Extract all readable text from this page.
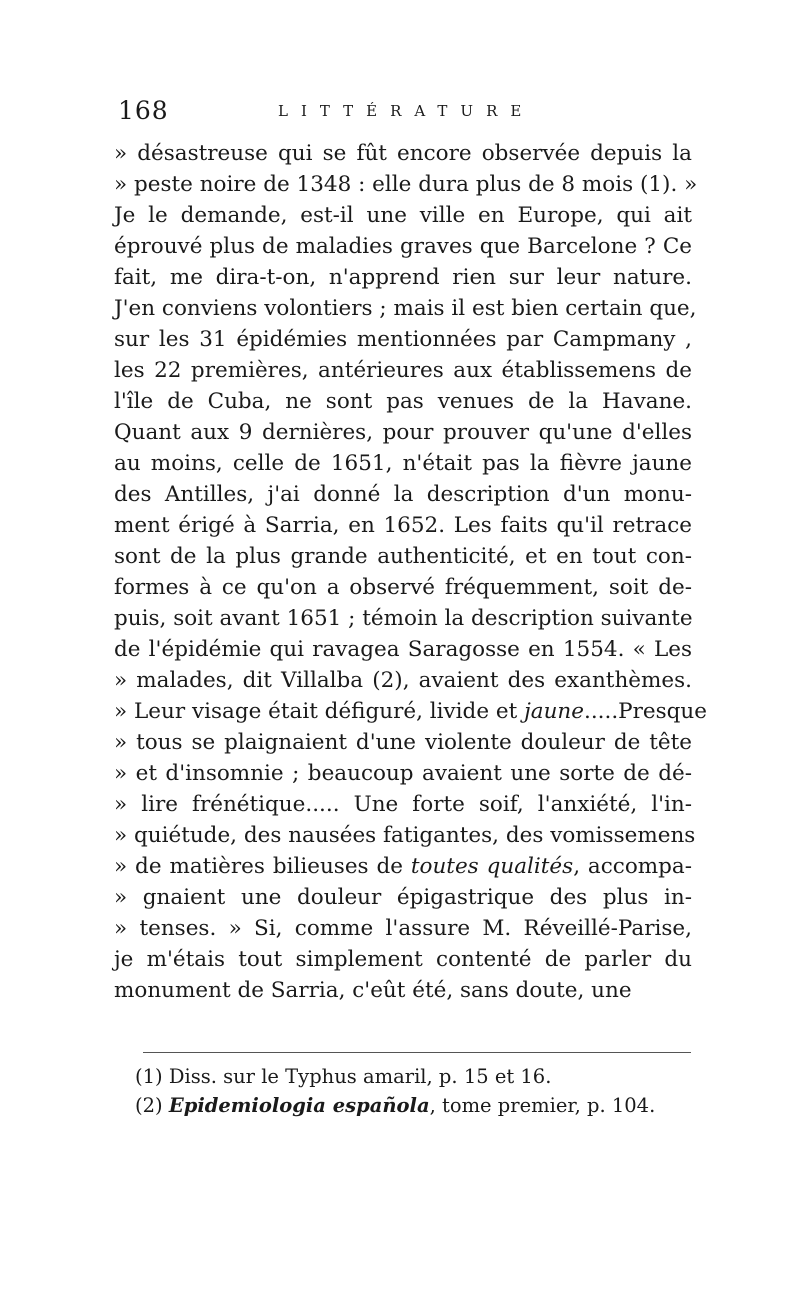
168	LITTÉRATURE
» désastreuse qui se fût encore observée depuis la
» peste noire de 1348 : elle dura plus de 8 mois (1). »
Je le demande, est-il une ville en Europe, qui ait
éprouvé plus de maladies graves que Barcelone ? Ce
fait, me dira-t-on, n'apprend rien sur leur nature.
J'en conviens volontiers ; mais il est bien certain que,
sur les 31 épidémies mentionnées par Campmany ,
les 22 premières, antérieures aux établissemens de
l'île de Cuba, ne sont pas venues de la Havane.
Quant aux 9 dernières, pour prouver qu'une d'elles
au moins, celle de 1651, n'était pas la fièvre jaune
des Antilles, j'ai donné la description d'un monu-
ment érigé à Sarria, en 1652. Les faits qu'il retrace
sont de la plus grande authenticité, et en tout con-
formes à ce qu'on a observé fréquemment, soit de-
puis, soit avant 1651 ; témoin la description suivante
de l'épidémie qui ravagea Saragosse en 1554. « Les
» malades, dit Villalba (2), avaient des exanthèmes.
» Leur visage était défiguré, livide et jaune.....Presque
» tous se plaignaient d'une violente douleur de tête
» et d'insomnie ; beaucoup avaient une sorte de dé-
» lire frénétique..... Une forte soif, l'anxiété, l'in-
» quiétude, des nausées fatigantes, des vomissemens
» de matières bilieuses de toutes qualités, accompa-
» gnaient une douleur épigastrique des plus in-
» tenses. » Si, comme l'assure M. Réveillé-Parise,
je m'étais tout simplement contenté de parler du
monument de Sarria, c'eût été, sans doute, une
(1) Diss. sur le Typhus amaril, p. 15 et 16.
(2) Epidemiologia española, tome premier, p. 104.
